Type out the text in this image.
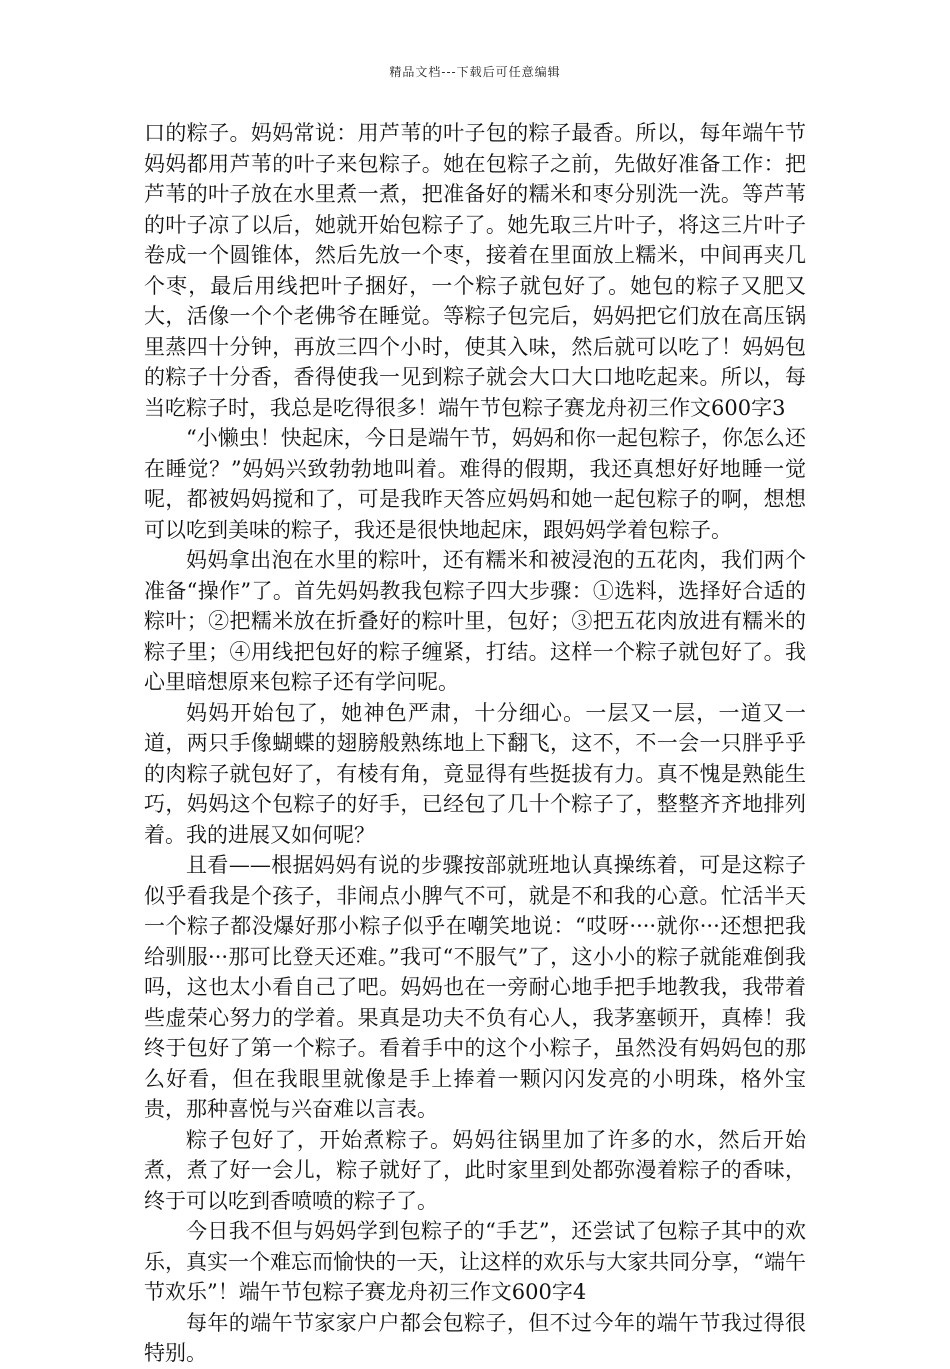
精品文档---下载后可任意编辑

口的粽子。妈妈常说：用芦苇的叶子包的粽子最香。所以，每年端午节妈妈都用芦苇的叶子来包粽子。她在包粽子之前，先做好准备工作：把芦苇的叶子放在水里煮一煮，把准备好的糯米和枣分别洗一洗。等芦苇的叶子凉了以后，她就开始包粽子了。她先取三片叶子，将这三片叶子卷成一个圆锥体，然后先放一个枣，接着在里面放上糯米，中间再夹几个枣，最后用线把叶子捆好，一个粽子就包好了。她包的粽子又肥又大，活像一个个老佛爷在睡觉。等粽子包完后，妈妈把它们放在高压锅里蒸四十分钟，再放三四个小时，使其入味，然后就可以吃了！妈妈包的粽子十分香，香得使我一见到粽子就会大口大口地吃起来。所以，每当吃粽子时，我总是吃得很多！端午节包粽子赛龙舟初三作文600字3

“小懒虫！快起床，今日是端午节，妈妈和你一起包粽子，你怎么还在睡觉？”妈妈兴致勃勃地叫着。难得的假期，我还真想好好地睡一觉呢，都被妈妈搅和了，可是我昨天答应妈妈和她一起包粽子的啊，想想可以吃到美味的粽子，我还是很快地起床，跟妈妈学着包粽子。

妈妈拿出泡在水里的粽叶，还有糯米和被浸泡的五花肉，我们两个准备“操作”了。首先妈妈教我包粽子四大步骤：①选料，选择好合适的粽叶；②把糯米放在折叠好的粽叶里，包好；③把五花肉放进有糯米的粽子里；④用线把包好的粽子缠紧，打结。这样一个粽子就包好了。我心里暗想原来包粽子还有学问呢。

妈妈开始包了，她神色严肃，十分细心。一层又一层，一道又一道，两只手像蝴蝶的翅膀般熟练地上下翻飞，这不，不一会一只胖乎乎的肉粽子就包好了，有棱有角，竟显得有些挺拔有力。真不愧是熟能生巧，妈妈这个包粽子的好手，已经包了几十个粽子了，整整齐齐地排列着。我的进展又如何呢？

且看——根据妈妈有说的步骤按部就班地认真操练着，可是这粽子似乎看我是个孩子，非闹点小脾气不可，就是不和我的心意。忙活半天一个粽子都没爆好那小粽子似乎在嘲笑地说：“哎呀····就你···还想把我给驯服···那可比登天还难。”我可“不服气”了，这小小的粽子就能难倒我吗，这也太小看自己了吧。妈妈也在一旁耐心地手把手地教我，我带着些虚荣心努力的学着。果真是功夫不负有心人，我茅塞顿开，真棒！我终于包好了第一个粽子。看着手中的这个小粽子，虽然没有妈妈包的那么好看，但在我眼里就像是手上捧着一颗闪闪发亮的小明珠，格外宝贵，那种喜悦与兴奋难以言表。

粽子包好了，开始煮粽子。妈妈往锅里加了许多的水，然后开始煮，煮了好一会儿，粽子就好了，此时家里到处都弥漫着粽子的香味，终于可以吃到香喷喷的粽子了。

今日我不但与妈妈学到包粽子的“手艺”，还尝试了包粽子其中的欢乐，真实一个难忘而愉快的一天，让这样的欢乐与大家共同分享，“端午节欢乐”！端午节包粽子赛龙舟初三作文600字4

每年的端午节家家户户都会包粽子，但不过今年的端午节我过得很特别。
